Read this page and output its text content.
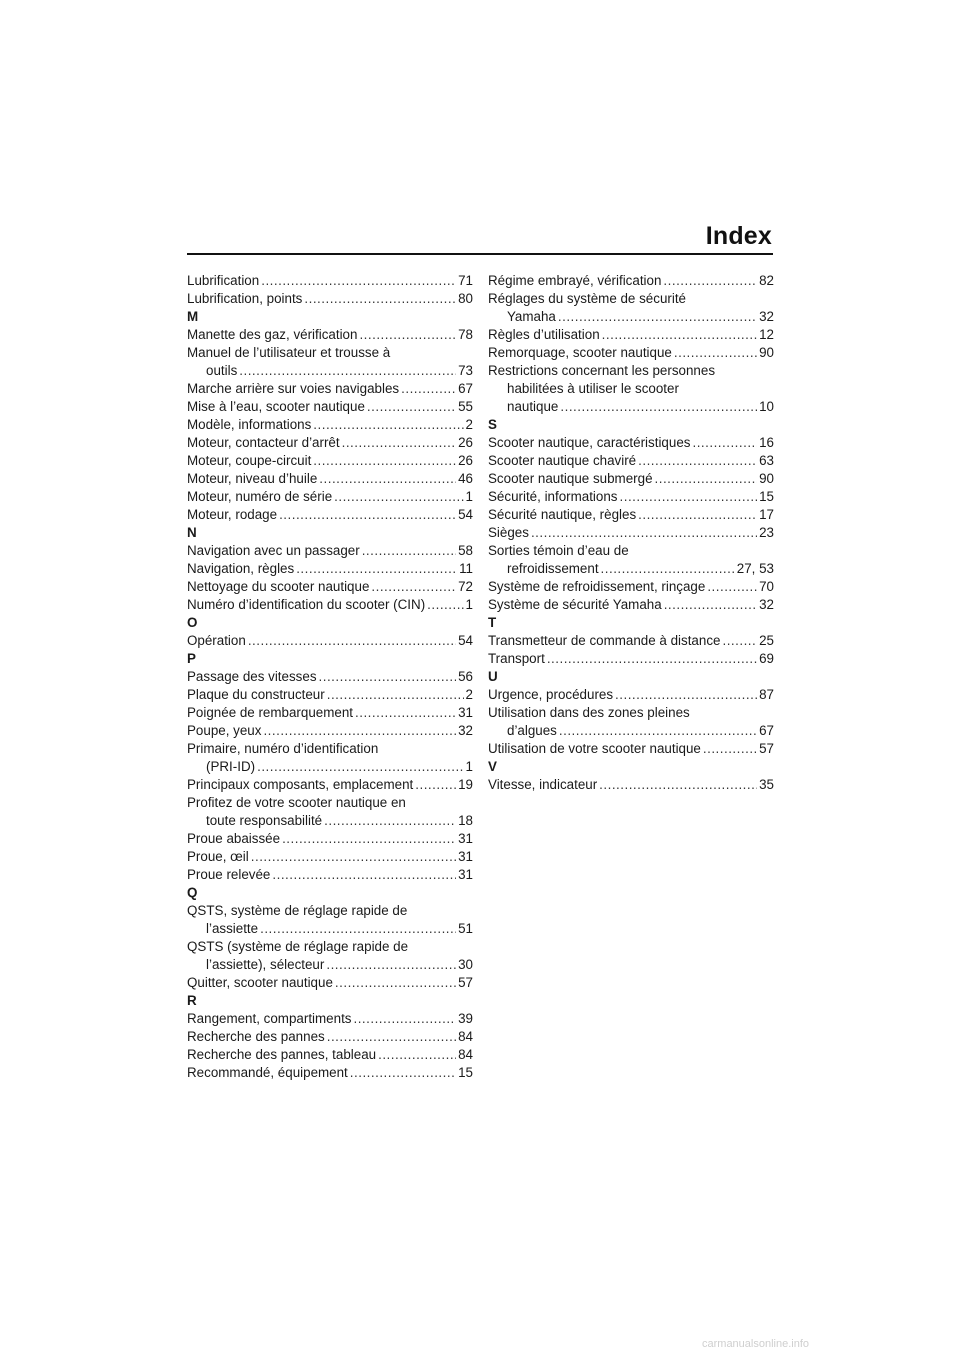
Index
Lubrification .....	71
Lubrification, points .....	80
M
Manette des gaz, vérification .....	78
Manuel de l’utilisateur et trousse à
outils .....	73
Marche arrière sur voies navigables .....	67
Mise à l’eau, scooter nautique .....	55
Modèle, informations .....	2
Moteur, contacteur d’arrêt .....	26
Moteur, coupe-circuit .....	26
Moteur, niveau d’huile .....	46
Moteur, numéro de série .....	1
Moteur, rodage .....	54
N
Navigation avec un passager .....	58
Navigation, règles .....	11
Nettoyage du scooter nautique .....	72
Numéro d’identification du scooter (CIN) .....	1
O
Opération .....	54
P
Passage des vitesses .....	56
Plaque du constructeur .....	2
Poignée de rembarquement .....	31
Poupe, yeux .....	32
Primaire, numéro d’identification
(PRI-ID) .....	1
Principaux composants, emplacement .....	19
Profitez de votre scooter nautique en
toute responsabilité .....	18
Proue abaissée .....	31
Proue, œil .....	31
Proue relevée .....	31
Q
QSTS, système de réglage rapide de
l’assiette .....	51
QSTS (système de réglage rapide de
l’assiette), sélecteur .....	30
Quitter, scooter nautique .....	57
R
Rangement, compartiments .....	39
Recherche des pannes .....	84
Recherche des pannes, tableau .....	84
Recommandé, équipement .....	15
Régime embrayé, vérification .....	82
Réglages du système de sécurité
Yamaha .....	32
Règles d’utilisation .....	12
Remorquage, scooter nautique .....	90
Restrictions concernant les personnes
habilitées à utiliser le scooter
nautique .....	10
S
Scooter nautique, caractéristiques .....	16
Scooter nautique chaviré .....	63
Scooter nautique submergé .....	90
Sécurité, informations .....	15
Sécurité nautique, règles .....	17
Sièges .....	23
Sorties témoin d’eau de
refroidissement .....	27, 53
Système de refroidissement, rinçage .....	70
Système de sécurité Yamaha .....	32
T
Transmetteur de commande à distance .....	25
Transport .....	69
U
Urgence, procédures .....	87
Utilisation dans des zones pleines
d’algues .....	67
Utilisation de votre scooter nautique .....	57
V
Vitesse, indicateur .....	35
carmanualsonline.info
